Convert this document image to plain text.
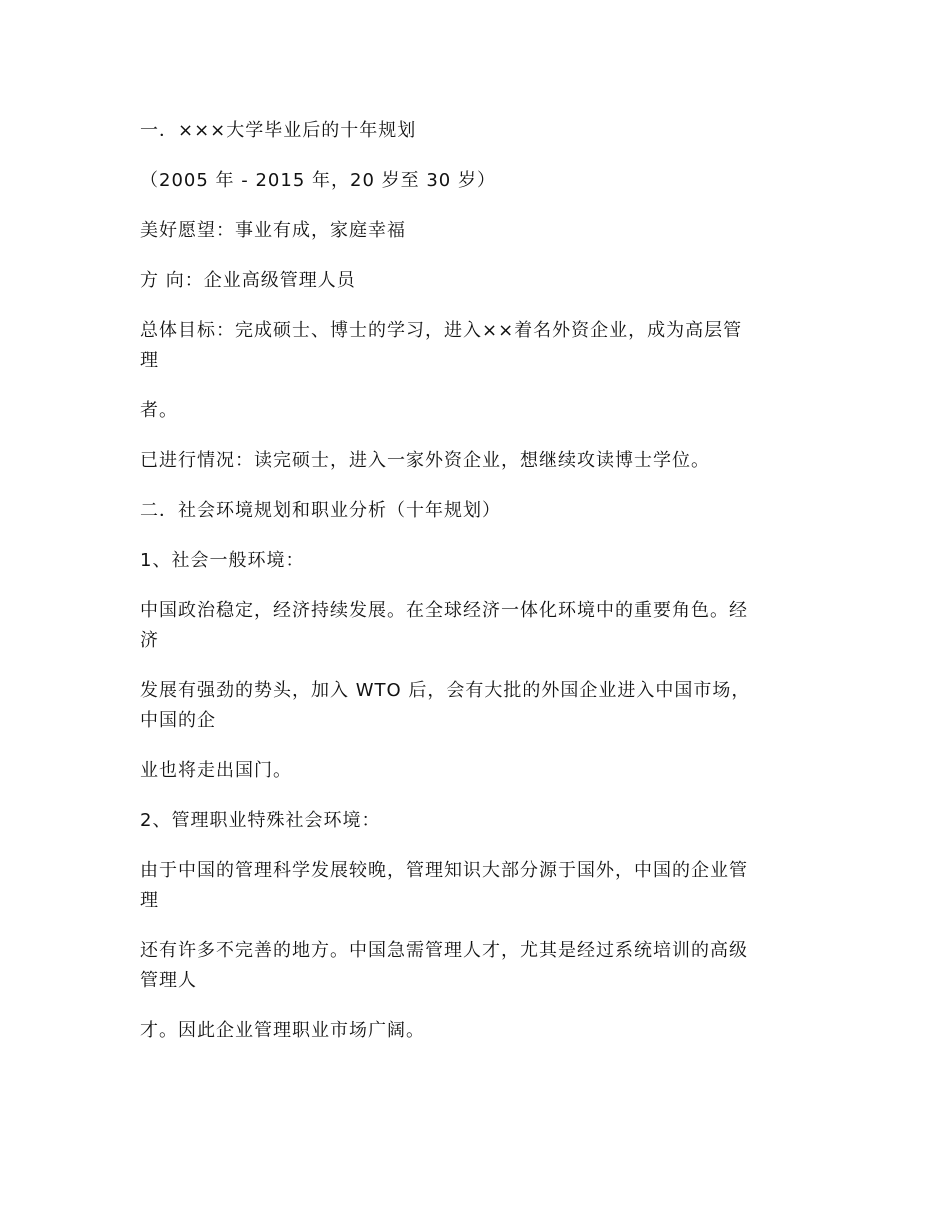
一．×××大学毕业后的十年规划

（2005 年 - 2015 年，20 岁至 30 岁）

美好愿望：事业有成，家庭幸福

方 向：企业高级管理人员

总体目标：完成硕士、博士的学习，进入××着名外资企业，成为高层管

理

者。

已进行情况：读完硕士，进入一家外资企业，想继续攻读博士学位。

二．社会环境规划和职业分析（十年规划）

1、社会一般环境：

中国政治稳定，经济持续发展。在全球经济一体化环境中的重要角色。经

济

发展有强劲的势头，加入 WTO 后，会有大批的外国企业进入中国市场，

中国的企

业也将走出国门。

2、管理职业特殊社会环境：

由于中国的管理科学发展较晚，管理知识大部分源于国外，中国的企业管

理

还有许多不完善的地方。中国急需管理人才，尤其是经过系统培训的高级

管理人

才。因此企业管理职业市场广阔。
